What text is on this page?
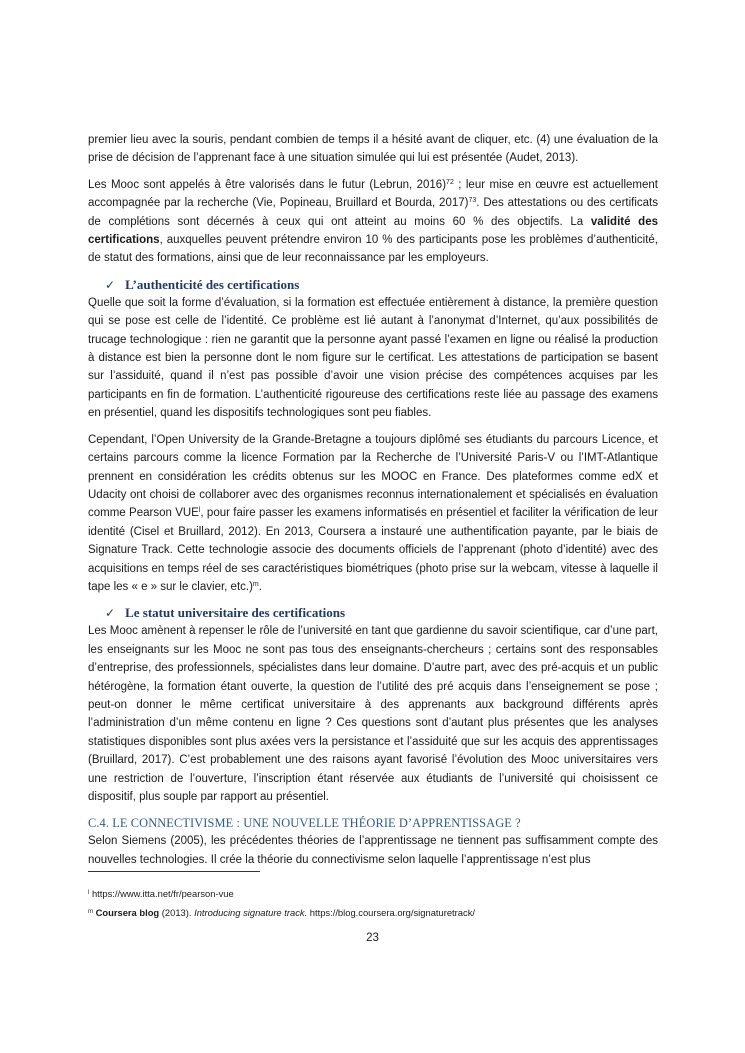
premier lieu avec la souris, pendant combien de temps il a hésité avant de cliquer, etc. (4) une évaluation de la prise de décision de l’apprenant face à une situation simulée qui lui est présentée (Audet, 2013).

Les Mooc sont appelés à être valorisés dans le futur (Lebrun, 2016)$^{72}$ ; leur mise en œuvre est actuellement accompagnée par la recherche (Vie, Popineau, Bruillard et Bourda, 2017)$^{73}$. Des attestations ou des certificats de complétions sont décernés à ceux qui ont atteint au moins 60 % des objectifs. La validité des certifications, auxquelles peuvent prétendre environ 10 % des participants pose les problèmes d’authenticité, de statut des formations, ainsi que de leur reconnaissance par les employeurs.

✓ L’authenticité des certifications

Quelle que soit la forme d’évaluation, si la formation est effectuée entièrement à distance, la première question qui se pose est celle de l’identité. Ce problème est lié autant à l’anonymat d’Internet, qu’aux possibilités de trucage technologique : rien ne garantit que la personne ayant passé l’examen en ligne ou réalisé la production à distance est bien la personne dont le nom figure sur le certificat. Les attestations de participation se basent sur l’assiduité, quand il n’est pas possible d’avoir une vision précise des compétences acquises par les participants en fin de formation. L’authenticité rigoureuse des certifications reste liée au passage des examens en présentiel, quand les dispositifs technologiques sont peu fiables.

Cependant, l’Open University de la Grande-Bretagne a toujours diplômé ses étudiants du parcours Licence, et certains parcours comme la licence Formation par la Recherche de l’Université Paris-V ou l’IMT-Atlantique prennent en considération les crédits obtenus sur les MOOC en France. Des plateformes comme edX et Udacity ont choisi de collaborer avec des organismes reconnus internationalement et spécialisés en évaluation comme Pearson VUE$^l$, pour faire passer les examens informatisés en présentiel et faciliter la vérification de leur identité (Cisel et Bruillard, 2012). En 2013, Coursera a instauré une authentification payante, par le biais de Signature Track. Cette technologie associe des documents officiels de l’apprenant (photo d’identité) avec des acquisitions en temps réel de ses caractéristiques biométriques (photo prise sur la webcam, vitesse à laquelle il tape les « e » sur le clavier, etc.)$^m$.

✓ Le statut universitaire des certifications

Les Mooc amènent à repenser le rôle de l’université en tant que gardienne du savoir scientifique, car d’une part, les enseignants sur les Mooc ne sont pas tous des enseignants-chercheurs ; certains sont des responsables d’entreprise, des professionnels, spécialistes dans leur domaine. D’autre part, avec des pré-acquis et un public hétérogène, la formation étant ouverte, la question de l’utilité des pré acquis dans l’enseignement se pose ; peut-on donner le même certificat universitaire à des apprenants aux background différents après l’administration d’un même contenu en ligne ? Ces questions sont d’autant plus présentes que les analyses statistiques disponibles sont plus axées vers la persistance et l’assiduité que sur les acquis des apprentissages (Bruillard, 2017). C’est probablement une des raisons ayant favorisé l’évolution des Mooc universitaires vers une restriction de l’ouverture, l’inscription étant réservée aux étudiants de l’université qui choisissent ce dispositif, plus souple par rapport au présentiel.

C.4. LE CONNECTIVISME : UNE NOUVELLE THÉORIE D’APPRENTISSAGE ?

Selon Siemens (2005), les précédentes théories de l’apprentissage ne tiennent pas suffisamment compte des nouvelles technologies. Il crée la théorie du connectivisme selon laquelle l’apprentissage n’est plus

$^l$ https://www.itta.net/fr/pearson-vue
$^m$ Coursera blog (2013). Introducing signature track. https://blog.coursera.org/signaturetrack/
23
